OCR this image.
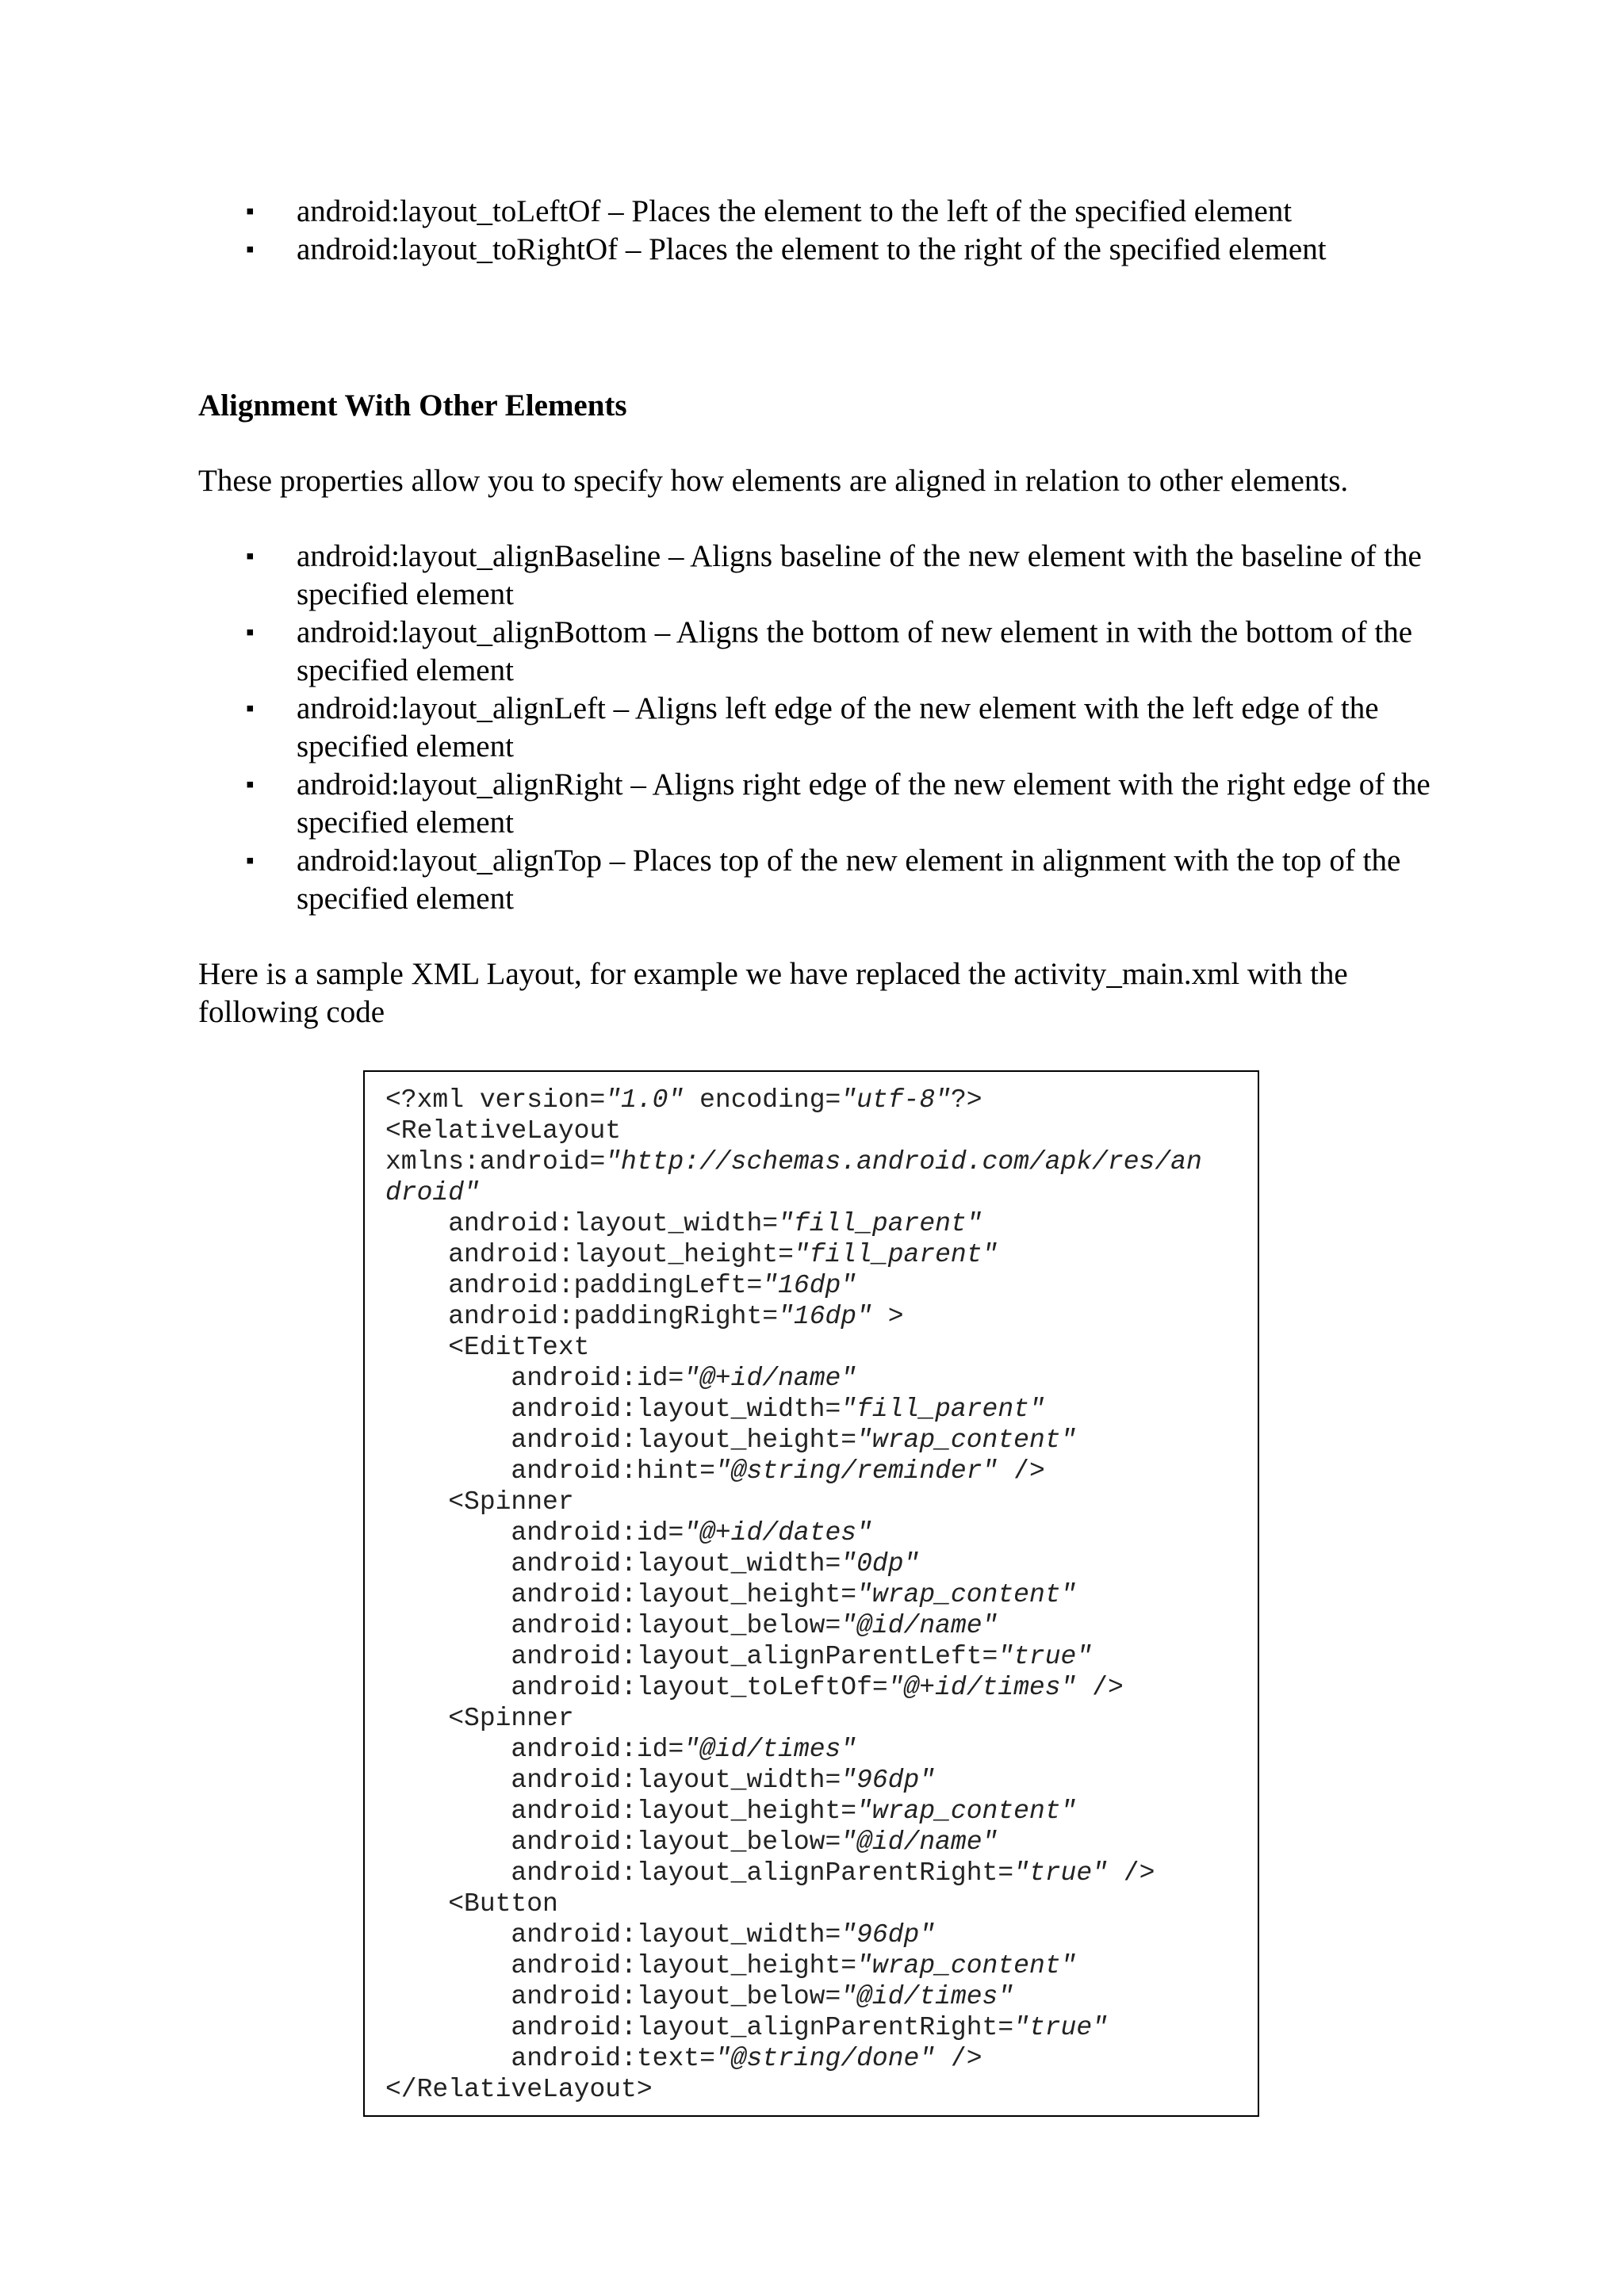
▪ android:layout_toLeftOf – Places the element to the left of the specified element
▪ android:layout_toRightOf – Places the element to the right of the specified element
Alignment With Other Elements

These properties allow you to specify how elements are aligned in relation to other elements.

▪ android:layout_alignBaseline – Aligns baseline of the new element with the baseline of the specified element
▪ android:layout_alignBottom – Aligns the bottom of new element in with the bottom of the specified element
▪ android:layout_alignLeft – Aligns left edge of the new element with the left edge of the specified element
▪ android:layout_alignRight – Aligns right edge of the new element with the right edge of the specified element
▪ android:layout_alignTop – Places top of the new element in alignment with the top of the specified element

Here is a sample XML Layout, for example we have replaced the activity_main.xml with the following code

<?xml version="1.0" encoding="utf-8"?>
<RelativeLayout
xmlns:android="http://schemas.android.com/apk/res/an
droid"
android:layout_width="fill_parent"
android:layout_height="fill_parent"
android:paddingLeft="16dp"
android:paddingRight="16dp" >
<EditText
android:id="@+id/name"
android:layout_width="fill_parent"
android:layout_height="wrap_content"
android:hint="@string/reminder" />
<Spinner
android:id="@+id/dates"
android:layout_width="0dp"
android:layout_height="wrap_content"
android:layout_below="@id/name"
android:layout_alignParentLeft="true"
android:layout_toLeftOf="@+id/times" />
<Spinner
android:id="@id/times"
android:layout_width="96dp"
android:layout_height="wrap_content"
android:layout_below="@id/name"
android:layout_alignParentRight="true" />
<Button
android:layout_width="96dp"
android:layout_height="wrap_content"
android:layout_below="@id/times"
android:layout_alignParentRight="true"
android:text="@string/done" />
</RelativeLayout>
